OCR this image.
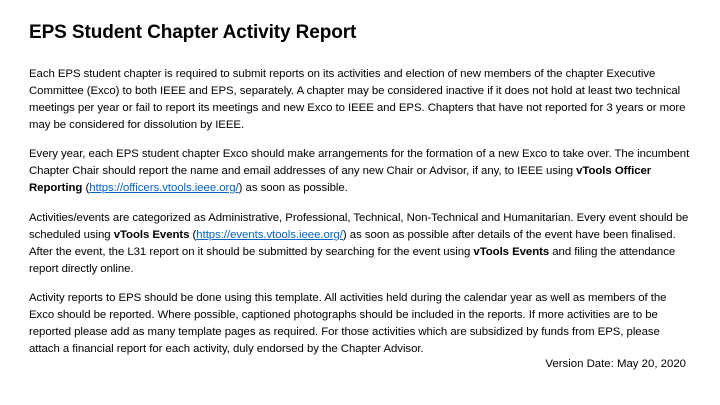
EPS Student Chapter Activity Report
Each EPS student chapter is required to submit reports on its activities and election of new members of the chapter Executive Committee (Exco) to both IEEE and EPS, separately. A chapter may be considered inactive if it does not hold at least two technical meetings per year or fail to report its meetings and new Exco to IEEE and EPS. Chapters that have not reported for 3 years or more may be considered for dissolution by IEEE.
Every year, each EPS student chapter Exco should make arrangements for the formation of a new Exco to take over. The incumbent Chapter Chair should report the name and email addresses of any new Chair or Advisor, if any, to IEEE using vTools Officer Reporting (https://officers.vtools.ieee.org/) as soon as possible.
Activities/events are categorized as Administrative, Professional, Technical, Non-Technical and Humanitarian. Every event should be scheduled using vTools Events (https://events.vtools.ieee.org/) as soon as possible after details of the event have been finalised. After the event, the L31 report on it should be submitted by searching for the event using vTools Events and filing the attendance report directly online.
Activity reports to EPS should be done using this template. All activities held during the calendar year as well as members of the Exco should be reported. Where possible, captioned photographs should be included in the reports. If more activities are to be reported please add as many template pages as required. For those activities which are subsidized by funds from EPS, please attach a financial report for each activity, duly endorsed by the Chapter Advisor.
Version Date: May 20, 2020
